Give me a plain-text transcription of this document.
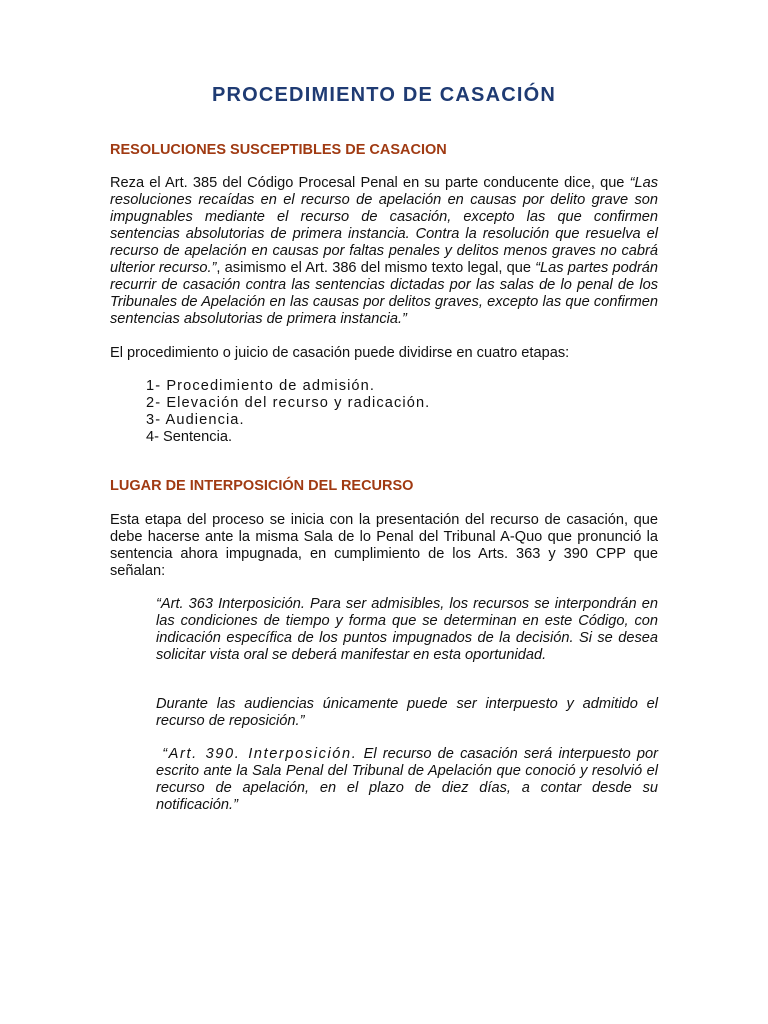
PROCEDIMIENTO DE CASACIÓN
RESOLUCIONES SUSCEPTIBLES DE CASACION

Reza el Art. 385 del Código Procesal Penal en su parte conducente dice, que “Las resoluciones recaídas en el recurso de apelación en causas por delito grave son impugnables mediante el recurso de casación, excepto las que confirmen sentencias absolutorias de primera instancia. Contra la resolución que resuelva el recurso de apelación en causas por faltas penales y delitos menos graves no cabrá ulterior recurso.”, asimismo el Art. 386 del mismo texto legal, que “Las partes podrán recurrir de casación contra las sentencias dictadas por las salas de lo penal de los Tribunales de Apelación en las causas por delitos graves, excepto las que confirmen sentencias absolutorias de primera instancia.”

El procedimiento o juicio de casación puede dividirse en cuatro etapas:

1- Procedimiento de admisión.
2- Elevación del recurso y radicación.
3- Audiencia.
4- Sentencia.
LUGAR DE INTERPOSICIÓN DEL RECURSO

Esta etapa del proceso se inicia con la presentación del recurso de casación, que debe hacerse ante la misma Sala de lo Penal del Tribunal A-Quo que pronunció la sentencia ahora impugnada, en cumplimiento de los Arts. 363 y 390 CPP que señalan:

“Art. 363 Interposición. Para ser admisibles, los recursos se interpondrán en las condiciones de tiempo y forma que se determinan en este Código, con indicación específica de los puntos impugnados de la decisión. Si se desea solicitar vista oral se deberá manifestar en esta oportunidad.

Durante las audiencias únicamente puede ser interpuesto y admitido el recurso de reposición.”

“Art. 390. Interposición. El recurso de casación será interpuesto por escrito ante la Sala Penal del Tribunal de Apelación que conoció y resolvió el recurso de apelación, en el plazo de diez días, a contar desde su notificación.”
